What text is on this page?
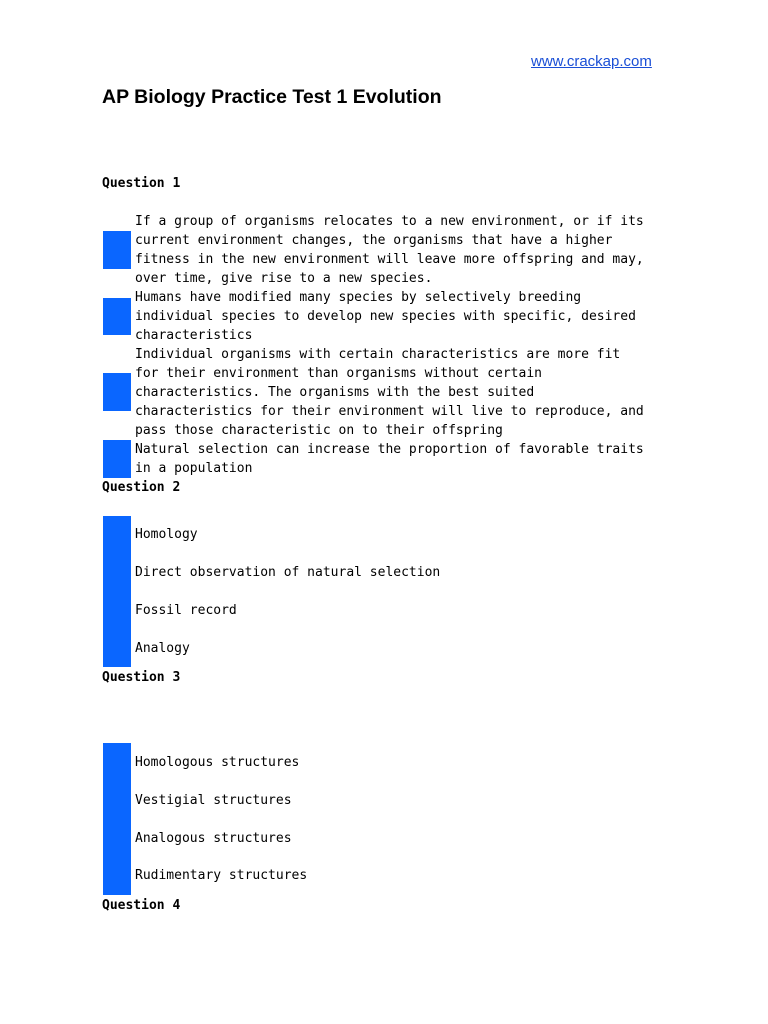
www.crackap.com
AP Biology Practice Test 1 Evolution
Question 1
If a group of organisms relocates to a new environment, or if its
current environment changes, the organisms that have a higher
fitness in the new environment will leave more offspring and may,
over time, give rise to a new species.
Humans have modified many species by selectively breeding
individual species to develop new species with specific, desired
characteristics
Individual organisms with certain characteristics are more fit
for their environment than organisms without certain
characteristics. The organisms with the best suited
characteristics for their environment will live to reproduce, and
pass those characteristic on to their offspring
Natural selection can increase the proportion of favorable traits
in a population
Question 2
Homology
Direct observation of natural selection
Fossil record
Analogy
Question 3
Homologous structures
Vestigial structures
Analogous structures
Rudimentary structures
Question 4
